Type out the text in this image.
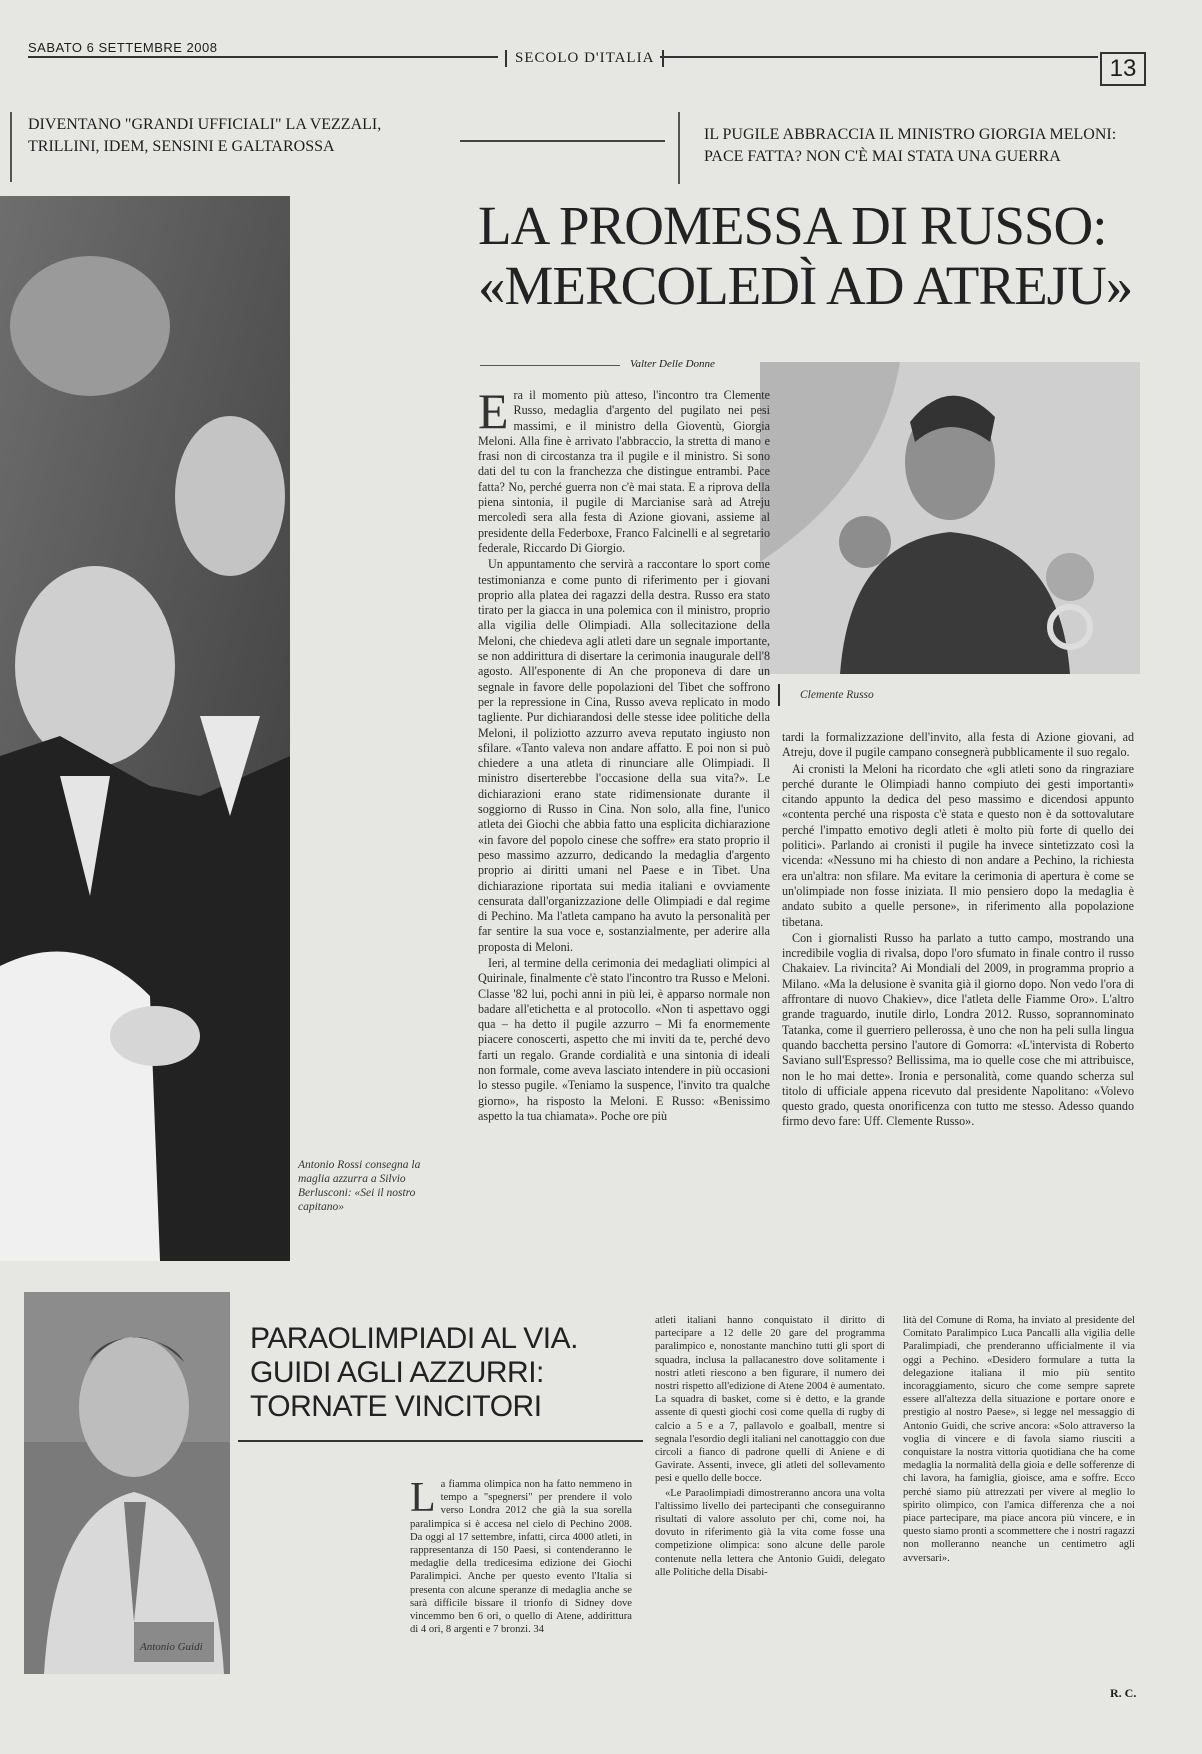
SABATO 6 SETTEMBRE 2008
SECOLO D'ITALIA	13
DIVENTANO "GRANDI UFFICIALI" LA VEZZALI,
TRILLINI, IDEM, SENSINI E GALTAROSSA
IL PUGILE ABBRACCIA IL MINISTRO GIORGIA MELONI:
PACE FATTA? NON C'È MAI STATA UNA GUERRA
Antonio Rossi consegna la maglia azzurra a Silvio Berlusconi: «Sei il nostro capitano»
LA PROMESSA DI RUSSO:
«MERCOLEDÌ AD ATREJU»
Valter Delle Donne
Clemente Russo
E ra il momento più atteso, l'incontro tra Clemente Russo, medaglia d'argento del pugilato nei pesi massimi, e il ministro della Gioventù, Giorgia Meloni. Alla fine è arrivato l'abbraccio, la stretta di mano e frasi non di circostanza tra il pugile e il ministro. Si sono dati del tu con la franchezza che distingue entrambi. Pace fatta? No, perché guerra non c'è mai stata. E a riprova della piena sintonia, il pugile di Marcianise sarà ad Atreju mercoledì sera alla festa di Azione giovani, assieme al presidente della Federboxe, Franco Falcinelli e al segretario federale, Riccardo Di Giorgio.

Un appuntamento che servirà a raccontare lo sport come testimonianza e come punto di riferimento per i giovani proprio alla platea dei ragazzi della destra. Russo era stato tirato per la giacca in una polemica con il ministro, proprio alla vigilia delle Olimpiadi. Alla sollecitazione della Meloni, che chiedeva agli atleti dare un segnale importante, se non addirittura di disertare la cerimonia inaugurale dell'8 agosto. All'esponente di An che proponeva di dare un segnale in favore delle popolazioni del Tibet che soffrono per la repressione in Cina, Russo aveva replicato in modo tagliente. Pur dichiarandosi delle stesse idee politiche della Meloni, il poliziotto azzurro aveva reputato ingiusto non sfilare. «Tanto valeva non andare affatto. E poi non si può chiedere a una atleta di rinunciare alle Olimpiadi. Il ministro diserterebbe l'occasione della sua vita?». Le dichiarazioni erano state ridimensionate durante il soggiorno di Russo in Cina. Non solo, alla fine, l'unico atleta dei Giochi che abbia fatto una esplicita dichiarazione «in favore del popolo cinese che soffre» era stato proprio il peso massimo azzurro, dedicando la medaglia d'argento proprio ai diritti umani nel Paese e in Tibet. Una dichiarazione riportata sui media italiani e ovviamente censurata dall'organizzazione delle Olimpiadi e dal regime di Pechino. Ma l'atleta campano ha avuto la personalità per far sentire la sua voce e, sostanzialmente, per aderire alla proposta di Meloni.

Ieri, al termine della cerimonia dei medagliati olimpici al Quirinale, finalmente c'è stato l'incontro tra Russo e Meloni. Classe '82 lui, pochi anni in più lei, è apparso normale non badare all'etichetta e al protocollo. «Non ti aspettavo oggi qua – ha detto il pugile azzurro – Mi fa enormemente piacere conoscerti, aspetto che mi inviti da te, perché devo farti un regalo. Grande cordialità e una sintonia di ideali non formale, come aveva lasciato intendere in più occasioni lo stesso pugile. «Teniamo la suspence, l'invito tra qualche giorno», ha risposto la Meloni. E Russo: «Benissimo aspetto la tua chiamata». Poche ore più

tardi la formalizzazione dell'invito, alla festa di Azione giovani, ad Atreju, dove il pugile campano consegnerà pubblicamente il suo regalo.

Ai cronisti la Meloni ha ricordato che «gli atleti sono da ringraziare perché durante le Olimpiadi hanno compiuto dei gesti importanti» citando appunto la dedica del peso massimo e dicendosi appunto «contenta perché una risposta c'è stata e questo non è da sottovalutare perché l'impatto emotivo degli atleti è molto più forte di quello dei politici». Parlando ai cronisti il pugile ha invece sintetizzato così la vicenda: «Nessuno mi ha chiesto di non andare a Pechino, la richiesta era un'altra: non sfilare. Ma evitare la cerimonia di apertura è come se un'olimpiade non fosse iniziata. Il mio pensiero dopo la medaglia è andato subito a quelle persone», in riferimento alla popolazione tibetana.

Con i giornalisti Russo ha parlato a tutto campo, mostrando una incredibile voglia di rivalsa, dopo l'oro sfumato in finale contro il russo Chakaiev. La rivincita? Ai Mondiali del 2009, in programma proprio a Milano. «Ma la delusione è svanita già il giorno dopo. Non vedo l'ora di affrontare di nuovo Chakiev», dice l'atleta delle Fiamme Oro». L'altro grande traguardo, inutile dirlo, Londra 2012. Russo, soprannominato Tatanka, come il guerriero pellerossa, è uno che non ha peli sulla lingua quando bacchetta persino l'autore di Gomorra: «L'intervista di Roberto Saviano sull'Espresso? Bellissima, ma io quelle cose che mi attribuisce, non le ho mai dette». Ironia e personalità, come quando scherza sul titolo di ufficiale appena ricevuto dal presidente Napolitano: «Volevo questo grado, questa onorificenza con tutto me stesso. Adesso quando firmo devo fare: Uff. Clemente Russo».

Antonio Guidi
PARAOLIMPIADI AL VIA.
GUIDI AGLI AZZURRI:
TORNATE VINCITORI
L a fiamma olimpica non ha fatto nemmeno in tempo a "spegnersi" per prendere il volo verso Londra 2012 che già la sua sorella paralimpica si è accesa nel cielo di Pechino 2008. Da oggi al 17 settembre, infatti, circa 4000 atleti, in rappresentanza di 150 Paesi, si contenderanno le medaglie della tredicesima edizione dei Giochi Paralimpici. Anche per questo evento l'Italia si presenta con alcune speranze di medaglia anche se sarà difficile bissare il trionfo di Sidney dove vincemmo ben 6 ori, o quello di Atene, addirittura di 4 ori, 8 argenti e 7 bronzi. 34

atleti italiani hanno conquistato il diritto di partecipare a 12 delle 20 gare del programma paralimpico e, nonostante manchino tutti gli sport di squadra, inclusa la pallacanestro dove solitamente i nostri atleti riescono a ben figurare, il numero dei nostri rispetto all'edizione di Atene 2004 è aumentato. La squadra di basket, come si è detto, e la grande assente di questi giochi così come quella di rugby di calcio a 5 e a 7, pallavolo e goalball, mentre si segnala l'esordio degli italiani nel canottaggio con due circoli a fianco di padrone quelli di Aniene e di Gavirate. Assenti, invece, gli atleti del sollevamento pesi e quello delle bocce.

«Le Paraolimpiadi dimostreranno ancora una volta l'altissimo livello dei partecipanti che conseguiranno risultati di valore assoluto per chi, come noi, ha dovuto in riferimento già la vita come fosse una competizione olimpica: sono alcune delle parole contenute nella lettera che Antonio Guidi, delegato alle Politiche della Disabi-

lità del Comune di Roma, ha inviato al presidente del Comitato Paralimpico Luca Pancalli alla vigilia delle Paralimpiadi, che prenderanno ufficialmente il via oggi a Pechino. «Desidero formulare a tutta la delegazione italiana il mio più sentito incoraggiamento, sicuro che come sempre saprete essere all'altezza della situazione e portare onore e prestigio al nostro Paese», si legge nel messaggio di Antonio Guidi, che scrive ancora: «Solo attraverso la voglia di vincere e di favola siamo riusciti a conquistare la nostra vittoria quotidiana che ha come medaglia la normalità della gioia e delle sofferenze di chi lavora, ha famiglia, gioisce, ama e soffre. Ecco perché siamo più attrezzati per vivere al meglio lo spirito olimpico, con l'amica differenza che a noi piace partecipare, ma piace ancora più vincere, e in questo siamo pronti a scommettere che i nostri ragazzi non molleranno neanche un centimetro agli avversari».

R. C.
